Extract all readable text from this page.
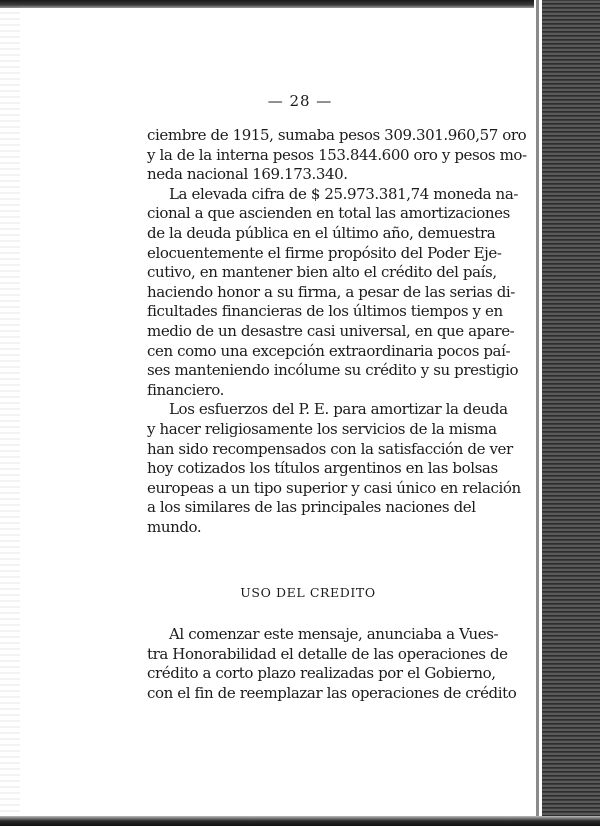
— 28 —
ciembre de 1915, sumaba pesos 309.301.960,57 oro
y la de la interna pesos 153.844.600 oro y pesos mo-
neda nacional 169.173.340.
La elevada cifra de $ 25.973.381,74 moneda na-
cional a que ascienden en total las amortizaciones
de la deuda pública en el último año, demuestra
elocuentemente el firme propósito del Poder Eje-
cutivo, en mantener bien alto el crédito del país,
haciendo honor a su firma, a pesar de las serias di-
ficultades financieras de los últimos tiempos y en
medio de un desastre casi universal, en que apare-
cen como una excepción extraordinaria pocos paí-
ses manteniendo incólume su crédito y su prestigio
financiero.
Los esfuerzos del P. E. para amortizar la deuda
y hacer religiosamente los servicios de la misma
han sido recompensados con la satisfacción de ver
hoy cotizados los títulos argentinos en las bolsas
europeas a un tipo superior y casi único en relación
a los similares de las principales naciones del
mundo.
USO DEL CREDITO
Al comenzar este mensaje, anunciaba a Vues-
tra Honorabilidad el detalle de las operaciones de
crédito a corto plazo realizadas por el Gobierno,
con el fin de reemplazar las operaciones de crédito
